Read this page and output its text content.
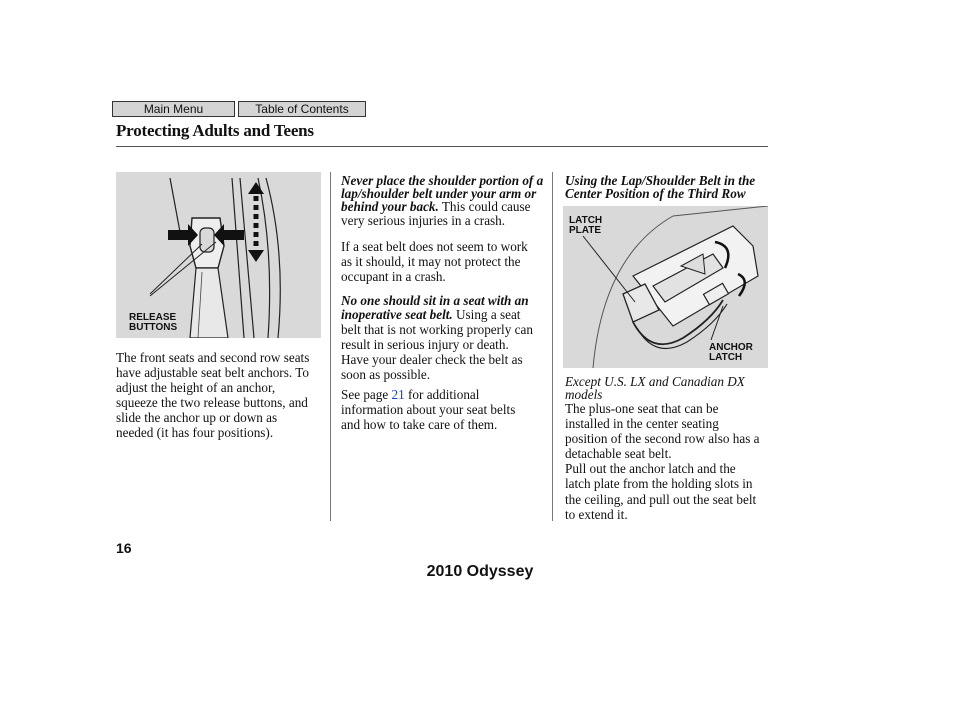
Main Menu	Table of Contents
Protecting Adults and Teens
RELEASE
BUTTONS
The front seats and second row seats
have adjustable seat belt anchors. To
adjust the height of an anchor,
squeeze the two release buttons, and
slide the anchor up or down as
needed (it has four positions).
Never place the shoulder portion of a
lap/shoulder belt under your arm or
behind your back. This could cause
very serious injuries in a crash.
If a seat belt does not seem to work
as it should, it may not protect the
occupant in a crash.
No one should sit in a seat with an
inoperative seat belt. Using a seat
belt that is not working properly can
result in serious injury or death.
Have your dealer check the belt as
soon as possible.
See page 21 for additional
information about your seat belts
and how to take care of them.
Using the Lap/Shoulder Belt in the
Center Position of the Third Row
LATCH
PLATE
ANCHOR
LATCH
Except U.S. LX and Canadian DX
models
The plus-one seat that can be
installed in the center seating
position of the second row also has a
detachable seat belt.
Pull out the anchor latch and the
latch plate from the holding slots in
the ceiling, and pull out the seat belt
to extend it.
16
2010 Odyssey
